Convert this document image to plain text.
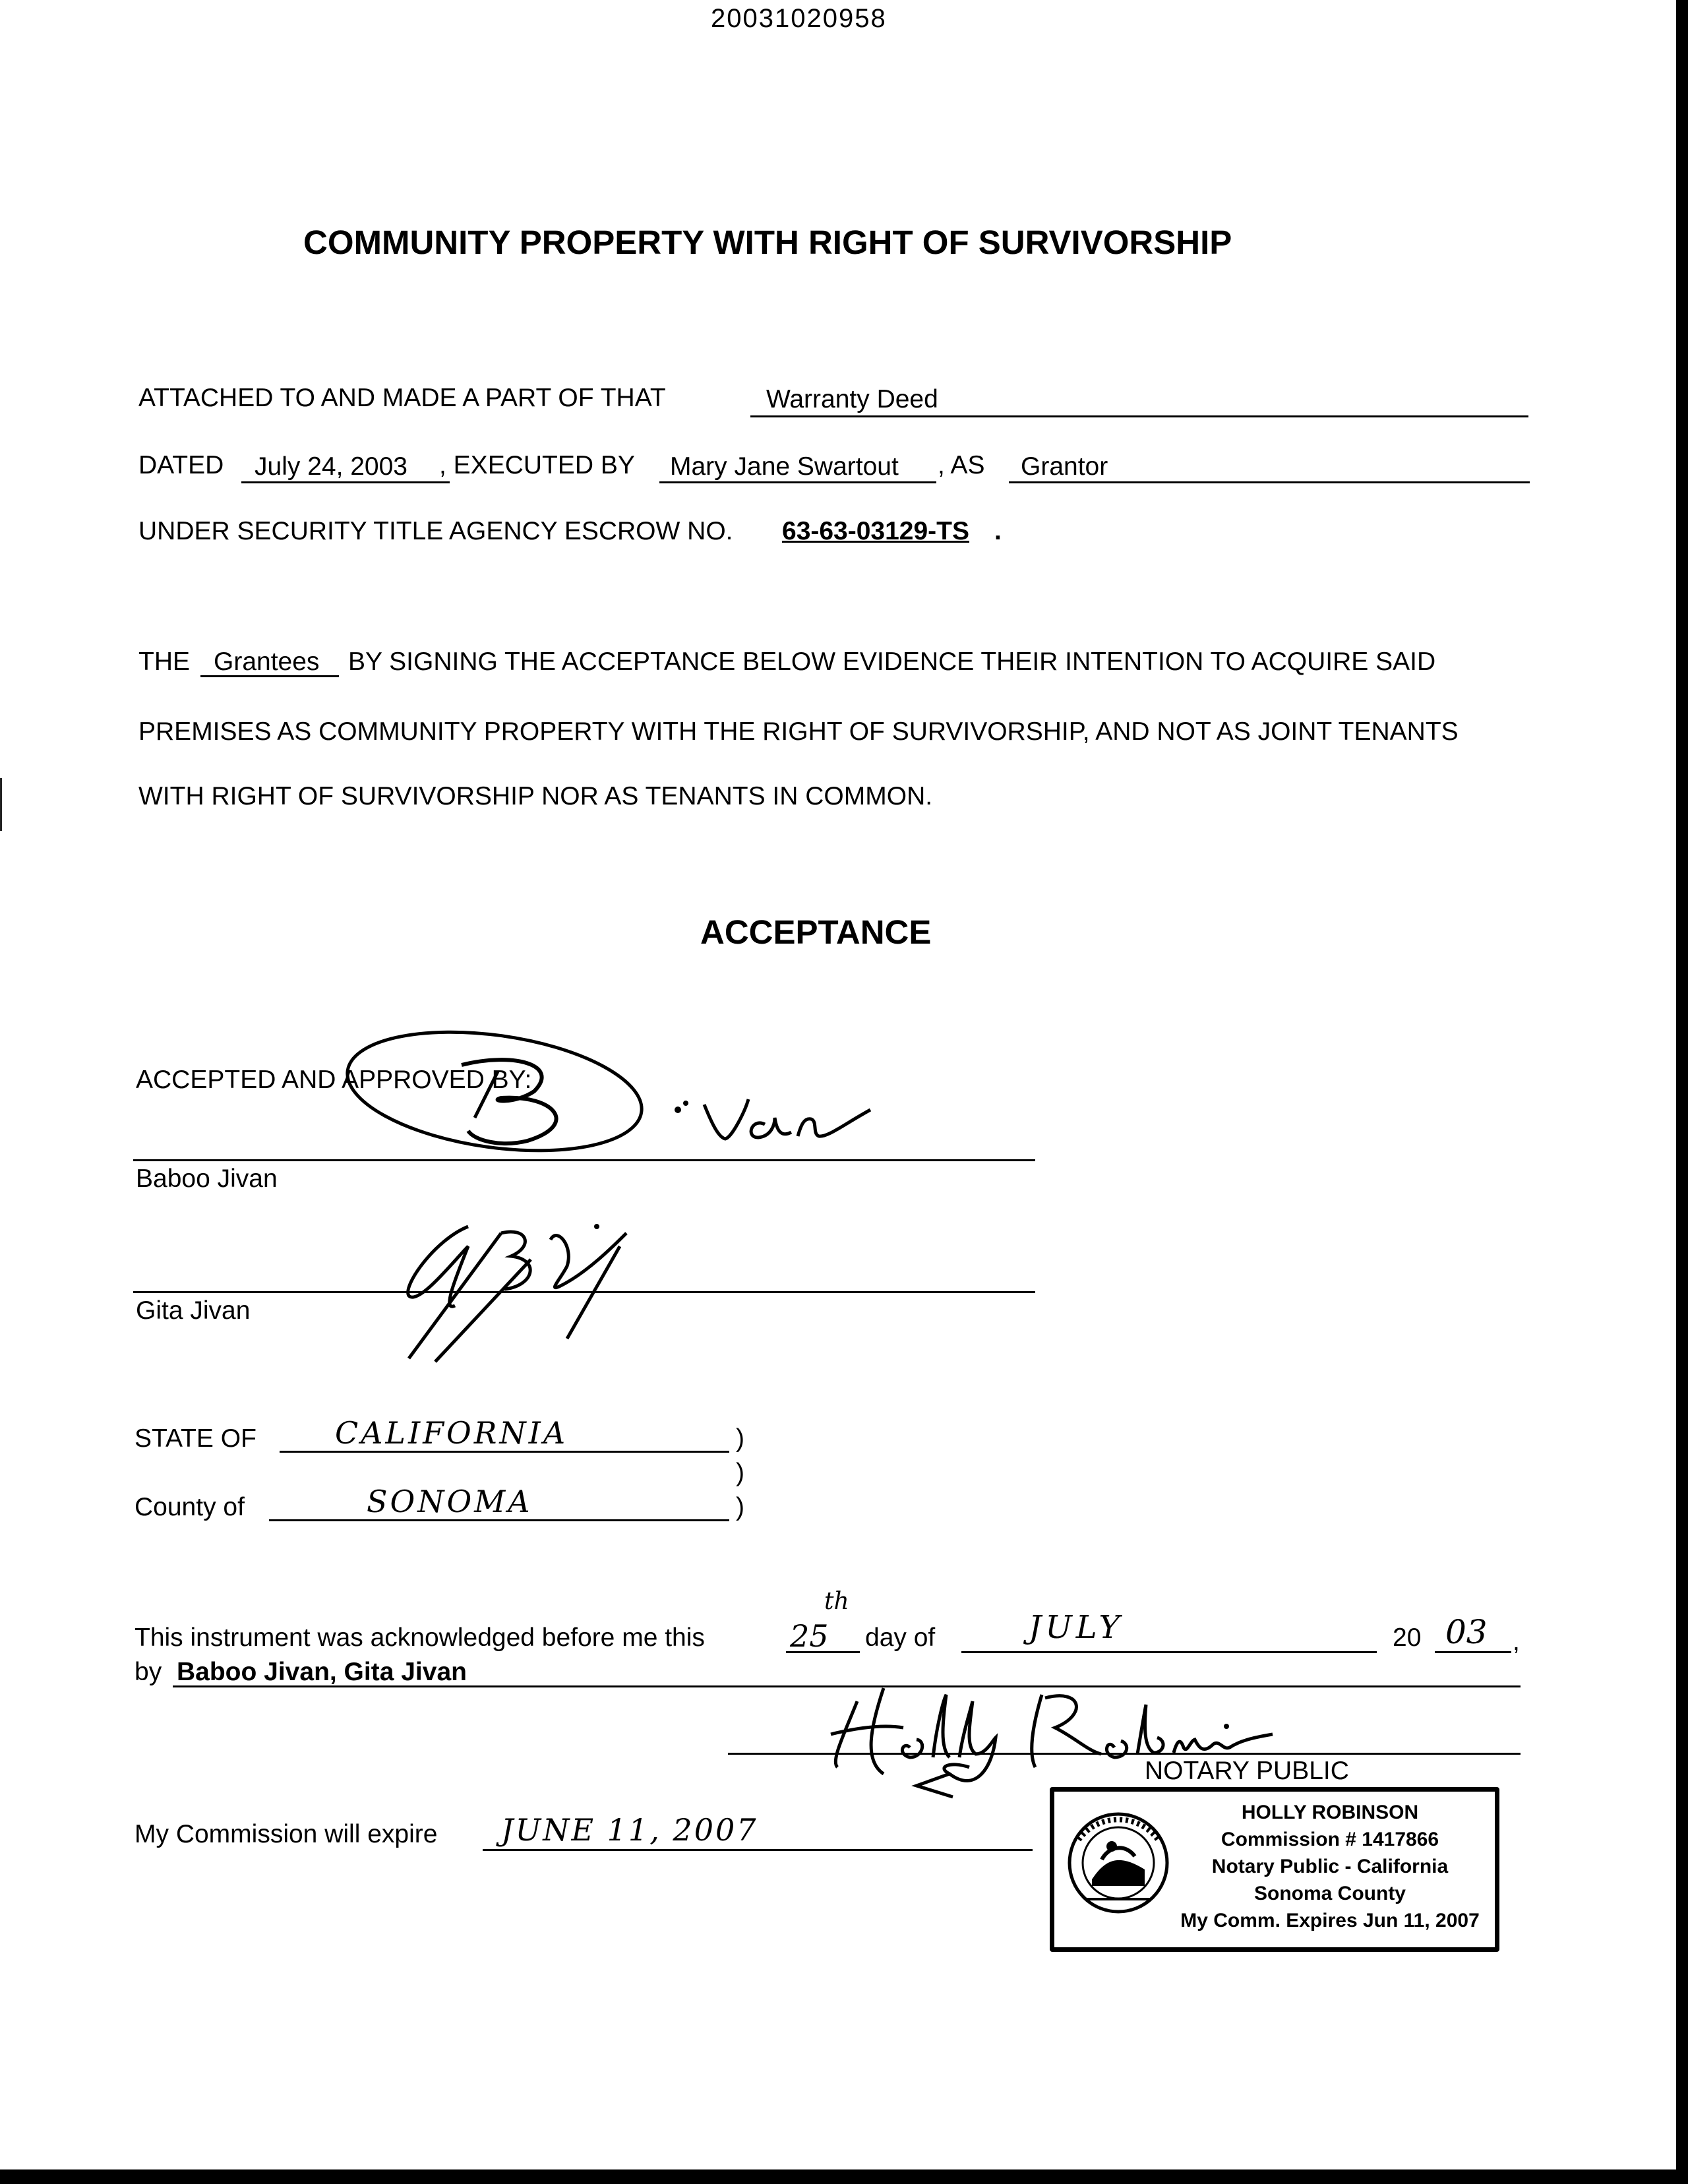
20031020958
COMMUNITY PROPERTY WITH RIGHT OF SURVIVORSHIP
ATTACHED TO AND MADE A PART OF THAT	Warranty Deed
DATED July 24, 2003 , EXECUTED BY Mary Jane Swartout , AS Grantor
UNDER SECURITY TITLE AGENCY ESCROW NO. 63-63-03129-TS .
THE Grantees BY SIGNING THE ACCEPTANCE BELOW EVIDENCE THEIR INTENTION TO ACQUIRE SAID
PREMISES AS COMMUNITY PROPERTY WITH THE RIGHT OF SURVIVORSHIP, AND NOT AS JOINT TENANTS
WITH RIGHT OF SURVIVORSHIP NOR AS TENANTS IN COMMON.
ACCEPTANCE
ACCEPTED AND APPROVED BY:
Baboo Jivan
Gita Jivan
STATE OF	CALIFORNIA	)
)
County of	SONOMA	)
This instrument was acknowledged before me this	25
th
day of	JULY	20 03 ,
by Baboo Jivan, Gita Jivan
NOTARY PUBLIC
My Commission will expire JUNE 11, 2007	HOLLY ROBINSON
Commission # 1417866
Notary Public - California
Sonoma County
My Comm. Expires Jun 11, 2007
